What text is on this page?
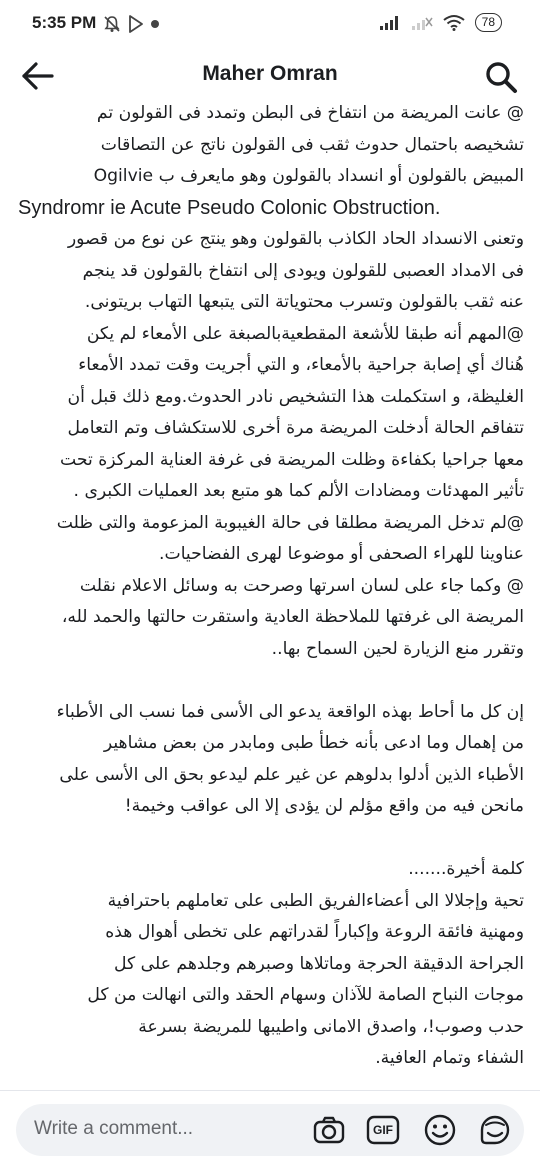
5:35 PM	78
Maher Omran
@ عانت المريضة من انتفاخ فى البطن وتمدد فى القولون تم
تشخيصه باحتمال حدوث ثقب فى القولون ناتج عن التصاقات
المبيض بالقولون أو انسداد بالقولون وهو مايعرف ب Ogilvie
Syndromr ie Acute Pseudo Colonic Obstruction.
وتعنى الانسداد الحاد الكاذب بالقولون وهو ينتج عن نوع من قصور
فى الامداد العصبى للقولون ويودى إلى انتفاخ بالقولون قد ينجم
عنه ثقب بالقولون وتسرب محتوياتة التى يتبعها التهاب بريتونى.
@المهم أنه طبقا للأشعة المقطعيةبالصبغة على الأمعاء لم يكن
هُناك أي إصابة جراحية بالأمعاء، و التي أجريت وقت تمدد الأمعاء
الغليظة، و استكملت هذا التشخيص نادر الحدوث.ومع ذلك قبل أن
تتفاقم الحالة أدخلت المريضة مرة أخرى للاستكشاف وتم التعامل
معها جراحيا بكفاءة وظلت المريضة فى غرفة العناية المركزة تحت
تأثير المهدئات ومضادات الألم كما هو متبع بعد العمليات الكبرى .
@لم تدخل المريضة مطلقا فى حالة الغيبوبة المزعومة والتى ظلت
عناوينا للهراء الصحفى أو موضوعا لهرى الفضاحيات.
@ وكما جاء على لسان اسرتها وصرحت به وسائل الاعلام نقلت
المريضة الى غرفتها للملاحظة العادية واستقرت حالتها والحمد لله،
وتقرر منع الزيارة لحين السماح بها..
إن كل ما أحاط بهذه الواقعة يدعو الى الأسى فما نسب الى الأطباء
من إهمال وما ادعى بأنه خطأ طبى ومابدر من بعض مشاهير
الأطباء الذين أدلوا بدلوهم عن غير علم ليدعو بحق الى الأسى على
مانحن فيه من واقع مؤلم لن يؤدى إلا الى عواقب وخيمة!
كلمة أخيرة.......
تحية وإجلالا الى أعضاءالفريق الطبى على تعاملهم باحترافية
ومهنية فائقة الروعة وإكباراً لقدراتهم على تخطى أهوال هذه
الجراحة الدقيقة الحرجة وماتلاها وصبرهم وجلدهم على كل
موجات النباح الصامة للآذان وسهام الحقد والتى انهالت من كل
حدب وصوب!، واصدق الامانى واطيبها للمريضة بسرعة
الشفاء وتمام العافية.
Write a comment...	GIF
